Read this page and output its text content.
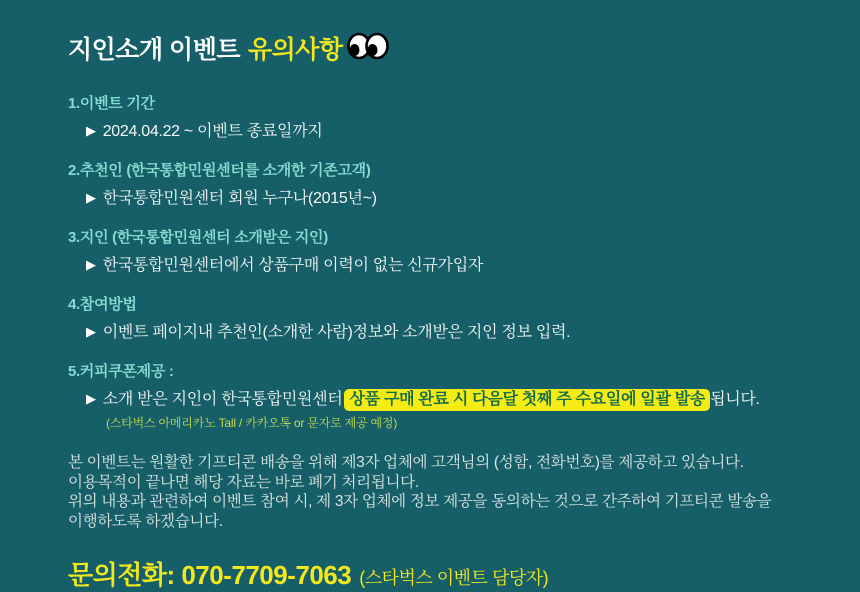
지인소개 이벤트 유의사항
1.이벤트 기간
▶ 2024.04.22 ~ 이벤트 종료일까지
2.추천인 (한국통합민원센터를 소개한 기존고객)
▶ 한국통합민원센터 회원 누구나(2015년~)
3.지인 (한국통합민원센터 소개받은 지인)
▶ 한국통합민원센터에서 상품구매 이력이 없는 신규가입자
4.참여방법
▶ 이벤트 페이지내 추천인(소개한 사람)정보와 소개받은 지인 정보 입력.
5.커피쿠폰제공 :
▶ 소개 받은 지인이 한국통합민원센터 상품 구매 완료 시 다음달 첫째 주 수요일에 일괄 발송 됩니다.
(스타벅스 아메리카노 Tall / 카카오톡 or 문자로 제공 예정)
본 이벤트는 원활한 기프티콘 배송을 위해 제3자 업체에 고객님의 (성함, 전화번호)를 제공하고 있습니다.
이용목적이 끝나면 해당 자료는 바로 폐기 처리됩니다.
위의 내용과 관련하여 이벤트 참여 시, 제 3자 업체에 정보 제공을 동의하는 것으로 간주하여 기프티콘 발송을
이행하도록 하겠습니다.
문의전화: 070-7709-7063 (스타벅스 이벤트 담당자)
